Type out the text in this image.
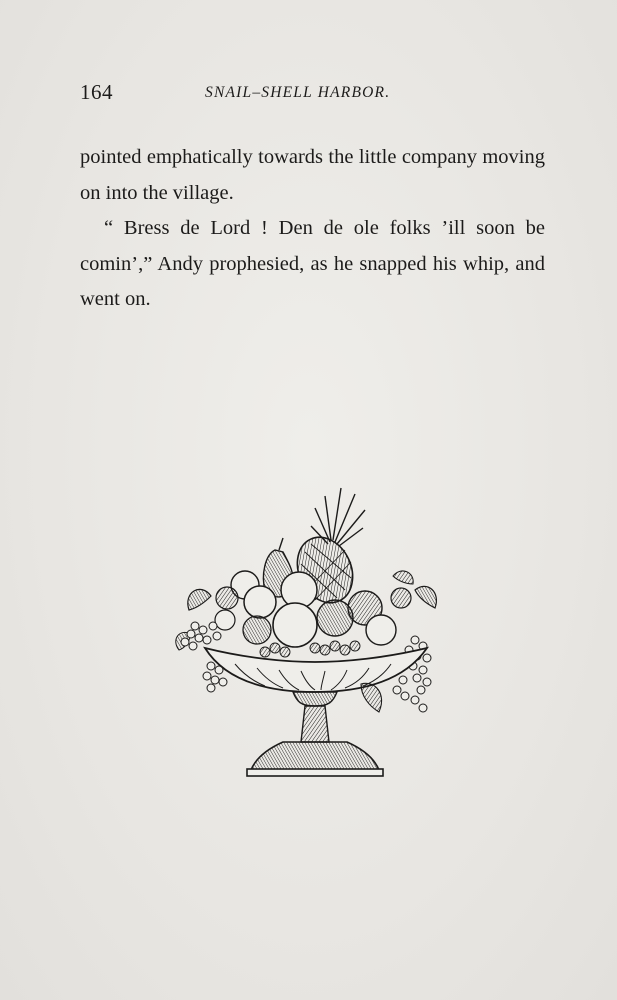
164	SNAIL–SHELL HARBOR.

pointed emphatically towards the little company moving on into the village.

“ Bress de Lord ! Den de ole folks ’ill soon be comin’,” Andy prophesied, as he snapped his whip, and went on.
